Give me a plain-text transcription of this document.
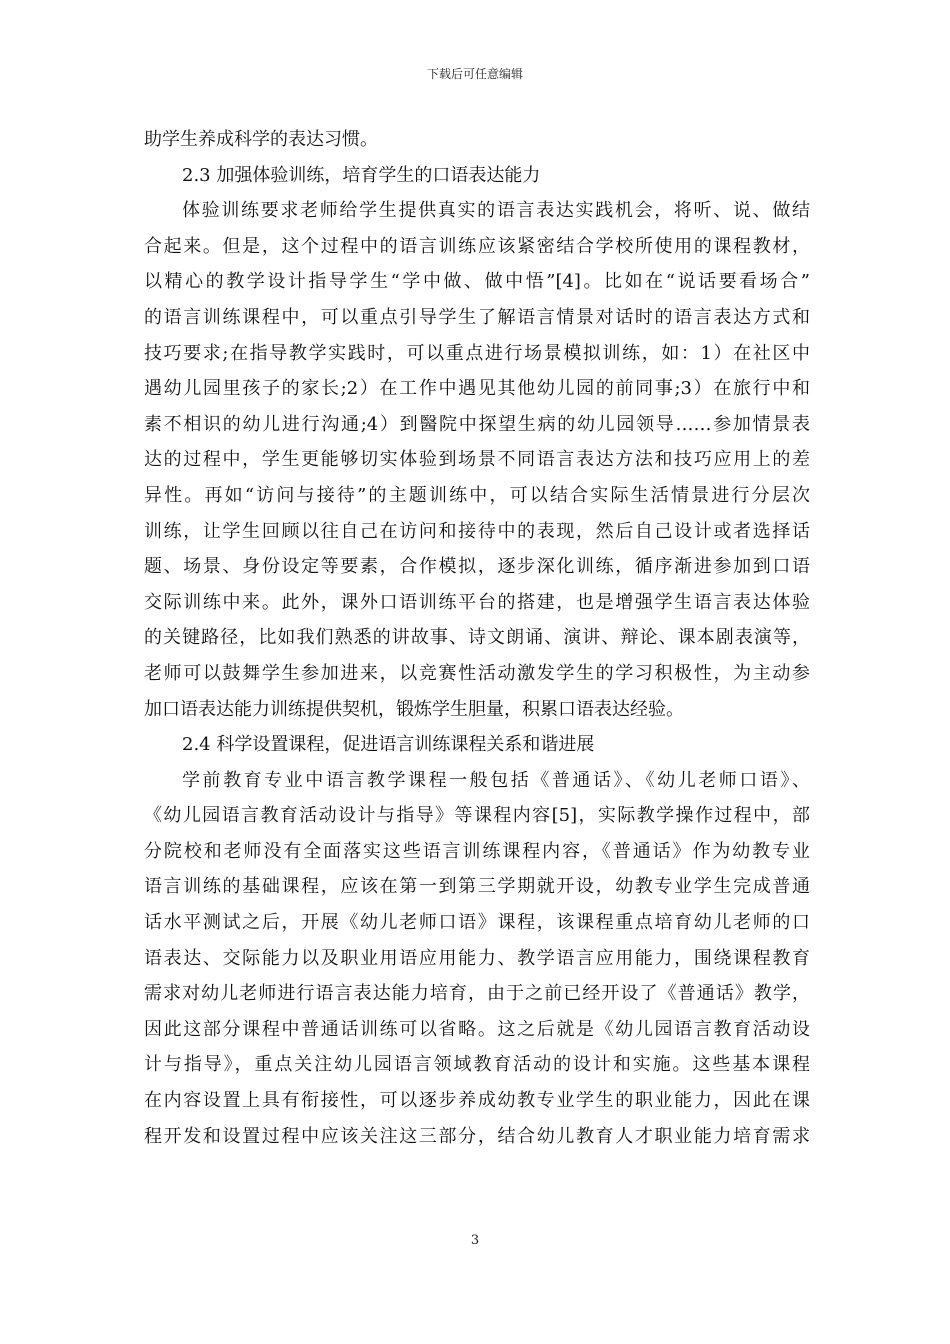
下载后可任意编辑
助学生养成科学的表达习惯。
2.3 加强体验训练，培育学生的口语表达能力
体验训练要求老师给学生提供真实的语言表达实践机会，将听、说、做结
合起来。但是，这个过程中的语言训练应该紧密结合学校所使用的课程教材，
以精心的教学设计指导学生“学中做、做中悟”[4]。比如在“说话要看场合”
的语言训练课程中，可以重点引导学生了解语言情景对话时的语言表达方式和
技巧要求;在指导教学实践时，可以重点进行场景模拟训练，如：1）在社区中
遇幼儿园里孩子的家长;2）在工作中遇见其他幼儿园的前同事;3）在旅行中和
素不相识的幼儿进行沟通;4）到醫院中探望生病的幼儿园领导……参加情景表
达的过程中，学生更能够切实体验到场景不同语言表达方法和技巧应用上的差
异性。再如“访问与接待”的主题训练中，可以结合实际生活情景进行分层次
训练，让学生回顾以往自己在访问和接待中的表现，然后自己设计或者选择话
题、场景、身份设定等要素，合作模拟，逐步深化训练，循序渐进参加到口语
交际训练中来。此外，课外口语训练平台的搭建，也是增强学生语言表达体验
的关键路径，比如我们熟悉的讲故事、诗文朗诵、演讲、辩论、课本剧表演等，
老师可以鼓舞学生参加进来，以竞赛性活动激发学生的学习积极性，为主动参
加口语表达能力训练提供契机，锻炼学生胆量，积累口语表达经验。
2.4 科学设置课程，促进语言训练课程关系和谐进展
学前教育专业中语言教学课程一般包括《普通话》、《幼儿老师口语》、
《幼儿园语言教育活动设计与指导》等课程内容[5]，实际教学操作过程中，部
分院校和老师没有全面落实这些语言训练课程内容，《普通话》作为幼教专业
语言训练的基础课程，应该在第一到第三学期就开设，幼教专业学生完成普通
话水平测试之后，开展《幼儿老师口语》课程，该课程重点培育幼儿老师的口
语表达、交际能力以及职业用语应用能力、教学语言应用能力，围绕课程教育
需求对幼儿老师进行语言表达能力培育，由于之前已经开设了《普通话》教学，
因此这部分课程中普通话训练可以省略。这之后就是《幼儿园语言教育活动设
计与指导》，重点关注幼儿园语言领域教育活动的设计和实施。这些基本课程
在内容设置上具有衔接性，可以逐步养成幼教专业学生的职业能力，因此在课
程开发和设置过程中应该关注这三部分，结合幼儿教育人才职业能力培育需求
3
